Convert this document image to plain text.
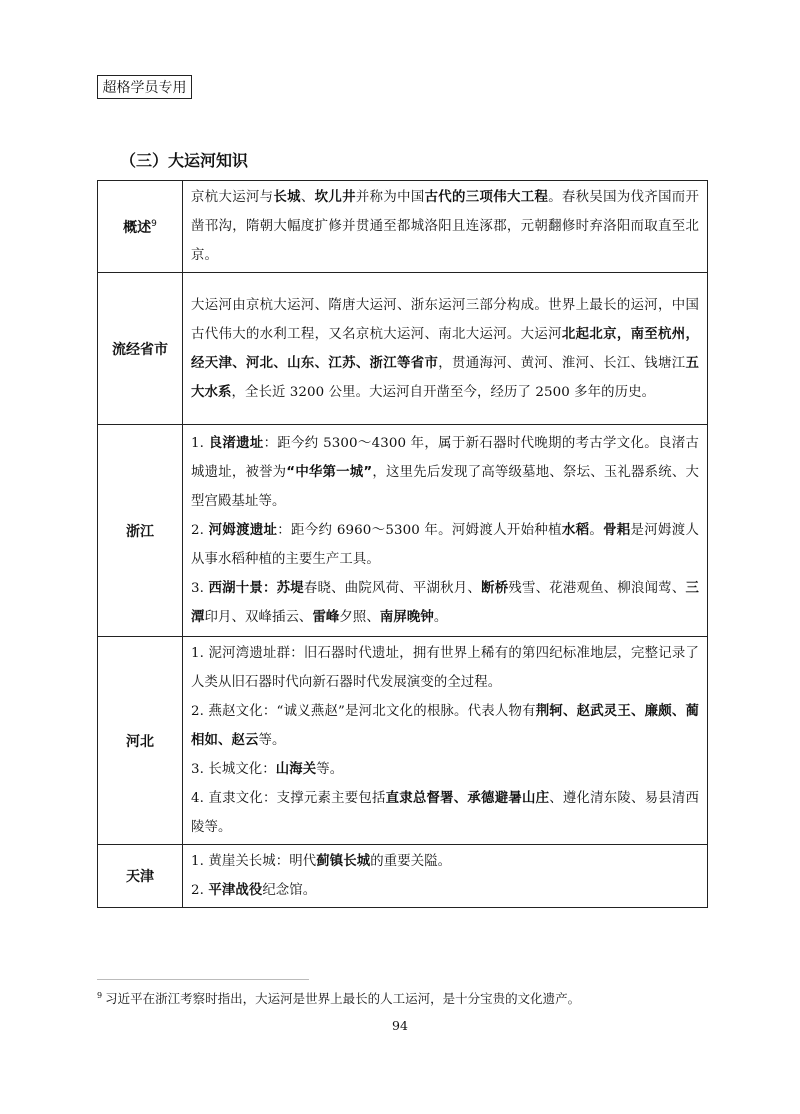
超格学员专用
（三）大运河知识
概述$^9$	京杭大运河与长城、坎儿井并称为中国古代的三项伟大工程。春秋吴国为伐齐国而开凿邗沟，隋朝大幅度扩修并贯通至都城洛阳且连涿郡，元朝翻修时弃洛阳而取直至北京。

流经省市	大运河由京杭大运河、隋唐大运河、浙东运河三部分构成。世界上最长的运河，中国古代伟大的水利工程，又名京杭大运河、南北大运河。大运河北起北京，南至杭州，经天津、河北、山东、江苏、浙江等省市，贯通海河、黄河、淮河、长江、钱塘江五大水系，全长近 3200 公里。大运河自开凿至今，经历了 2500 多年的历史。

浙江	1. 良渚遗址：距今约 5300～4300 年，属于新石器时代晚期的考古学文化。良渚古城遗址，被誉为“中华第一城”，这里先后发现了高等级墓地、祭坛、玉礼器系统、大型宫殿基址等。

2. 河姆渡遗址：距今约 6960～5300 年。河姆渡人开始种植水稻。骨耜是河姆渡人从事水稻种植的主要生产工具。

3. 西湖十景：苏堤春晓、曲院风荷、平湖秋月、断桥残雪、花港观鱼、柳浪闻莺、三潭印月、双峰插云、雷峰夕照、南屏晚钟。

河北	1. 泥河湾遗址群：旧石器时代遗址，拥有世界上稀有的第四纪标准地层，完整记录了人类从旧石器时代向新石器时代发展演变的全过程。

2. 燕赵文化：“诚义燕赵”是河北文化的根脉。代表人物有荆轲、赵武灵王、廉颇、蔺相如、赵云等。

3. 长城文化：山海关等。

4. 直隶文化：支撑元素主要包括直隶总督署、承德避暑山庄、遵化清东陵、易县清西陵等。

天津	1. 黄崖关长城：明代蓟镇长城的重要关隘。

2. 平津战役纪念馆。

$^9$ 习近平在浙江考察时指出，大运河是世界上最长的人工运河，是十分宝贵的文化遗产。
94
